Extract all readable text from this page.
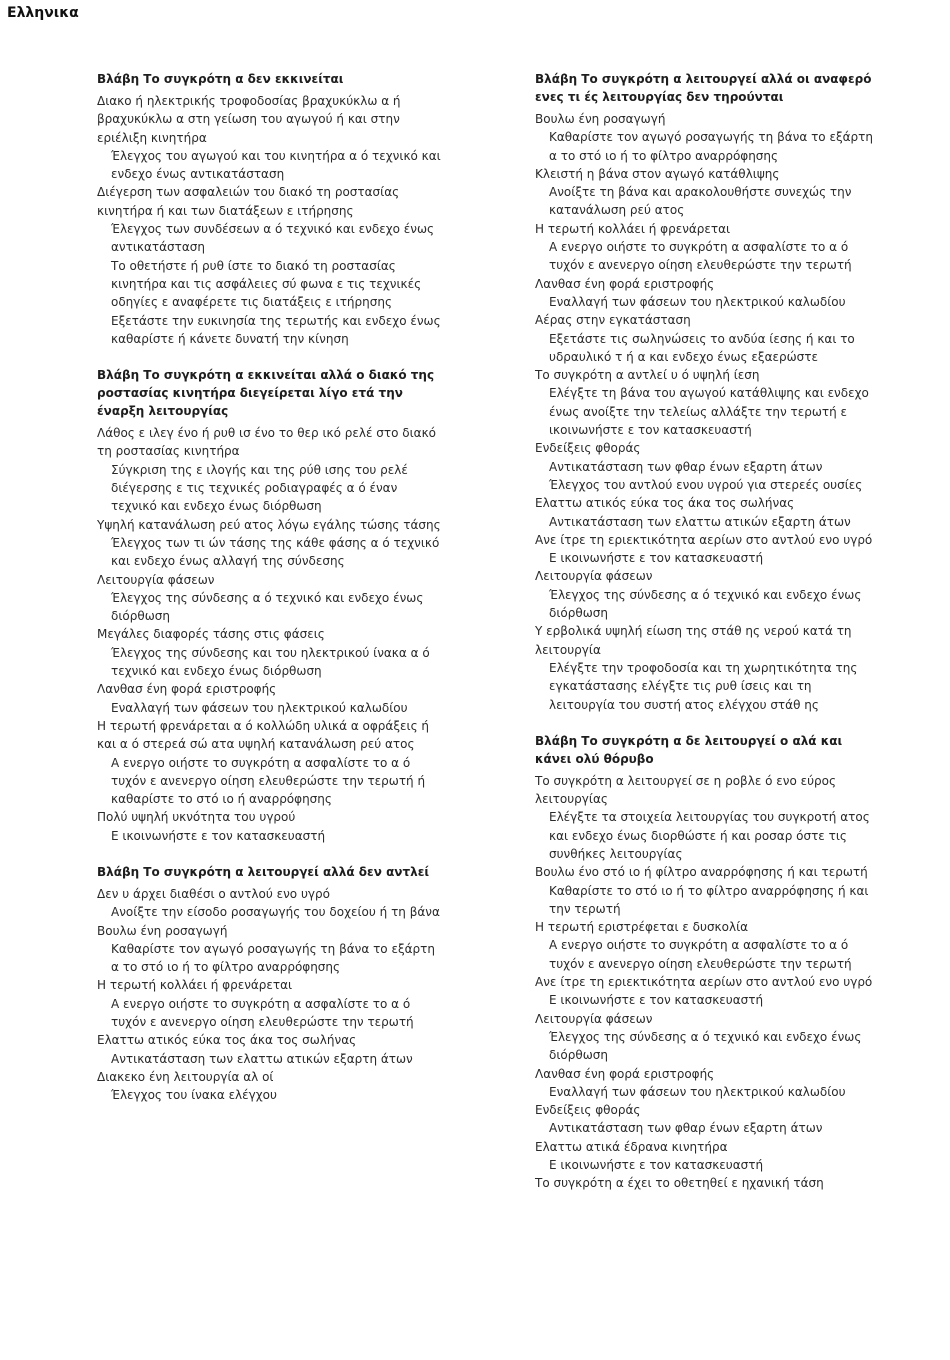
Ελληνικα
Βλάβη Το συγκρότη α δεν εκκινείται

Διακο ή ηλεκτρικής τροφοδοσίας βραχυκύκλω α ή βραχυκύκλω α στη γείωση του αγωγού ή και στην εριέλιξη κινητήρα

Έλεγχος του αγωγού και του κινητήρα α ό τεχνικό και ενδεχο ένως αντικατάσταση

Διέγερση των ασφαλειών του διακό τη ροστασίας κινητήρα ή και των διατάξεων ε ιτήρησης

Έλεγχος των συνδέσεων α ό τεχνικό και ενδεχο ένως αντικατάσταση

Το οθετήστε ή ρυθ ίστε το διακό τη ροστασίας κινητήρα και τις ασφάλειες σύ φωνα ε τις τεχνικές οδηγίες ε αναφέρετε τις διατάξεις ε ιτήρησης

Εξετάστε την ευκινησία της τερωτής και ενδεχο ένως καθαρίστε ή κάνετε δυνατή την κίνηση

Βλάβη Το συγκρότη α εκκινείται αλλά ο διακό της ροστασίας κινητήρα διεγείρεται λίγο ετά την έναρξη λειτουργίας

Λάθος ε ιλεγ ένο ή ρυθ ισ ένο το θερ ικό ρελέ στο διακό τη ροστασίας κινητήρα

Σύγκριση της ε ιλογής και της ρύθ ισης του ρελέ διέγερσης ε τις τεχνικές ροδιαγραφές α ό έναν τεχνικό και ενδεχο ένως διόρθωση

Υψηλή κατανάλωση ρεύ ατος λόγω εγάλης τώσης τάσης

Έλεγχος των τι ών τάσης της κάθε φάσης α ό τεχνικό και ενδεχο ένως αλλαγή της σύνδεσης

Λειτουργία φάσεων

Έλεγχος της σύνδεσης α ό τεχνικό και ενδεχο ένως διόρθωση

Μεγάλες διαφορές τάσης στις φάσεις

Έλεγχος της σύνδεσης και του ηλεκτρικού ίνακα α ό τεχνικό και ενδεχο ένως διόρθωση

Λανθασ ένη φορά εριστροφής

Εναλλαγή των φάσεων του ηλεκτρικού καλωδίου

Η τερωτή φρενάρεται α ό κολλώδη υλικά α οφράξεις ή και α ό στερεά σώ ατα υψηλή κατανάλωση ρεύ ατος

Α ενεργο οιήστε το συγκρότη α ασφαλίστε το α ό τυχόν ε ανενεργο οίηση ελευθερώστε την τερωτή ή καθαρίστε το στό ιο ή αναρρόφησης

Πολύ υψηλή υκνότητα του υγρού

Ε ικοινωνήστε ε τον κατασκευαστή

Βλάβη Το συγκρότη α λειτουργεί αλλά δεν αντλεί

Δεν υ άρχει διαθέσι ο αντλού ενο υγρό

Ανοίξτε την είσοδο ροσαγωγής του δοχείου ή τη βάνα

Βουλω ένη ροσαγωγή

Καθαρίστε τον αγωγό ροσαγωγής τη βάνα το εξάρτη α το στό ιο ή το φίλτρο αναρρόφησης

Η τερωτή κολλάει ή φρενάρεται

Α ενεργο οιήστε το συγκρότη α ασφαλίστε το α ό τυχόν ε ανενεργο οίηση ελευθερώστε την τερωτή

Ελαττω ατικός εύκα τος άκα τος σωλήνας

Αντικατάσταση των ελαττω ατικών εξαρτη άτων

Διακεκο ένη λειτουργία αλ οί

Έλεγχος του ίνακα ελέγχου

Βλάβη Το συγκρότη α λειτουργεί αλλά οι αναφερό ενες τι ές λειτουργίας δεν τηρούνται

Βουλω ένη ροσαγωγή

Καθαρίστε τον αγωγό ροσαγωγής τη βάνα το εξάρτη α το στό ιο ή το φίλτρο αναρρόφησης

Κλειστή η βάνα στον αγωγό κατάθλιψης

Ανοίξτε τη βάνα και αρακολουθήστε συνεχώς την κατανάλωση ρεύ ατος

Η τερωτή κολλάει ή φρενάρεται

Α ενεργο οιήστε το συγκρότη α ασφαλίστε το α ό τυχόν ε ανενεργο οίηση ελευθερώστε την τερωτή

Λανθασ ένη φορά εριστροφής

Εναλλαγή των φάσεων του ηλεκτρικού καλωδίου

Αέρας στην εγκατάσταση

Εξετάστε τις σωληνώσεις το ανδύα ίεσης ή και το υδραυλικό τ ή α και ενδεχο ένως εξαερώστε

Το συγκρότη α αντλεί υ ό υψηλή ίεση

Ελέγξτε τη βάνα του αγωγού κατάθλιψης και ενδεχο ένως ανοίξτε την τελείως αλλάξτε την τερωτή ε ικοινωνήστε ε τον κατασκευαστή

Ενδείξεις φθοράς

Αντικατάσταση των φθαρ ένων εξαρτη άτων

Έλεγχος του αντλού ενου υγρού για στερεές ουσίες

Ελαττω ατικός εύκα τος άκα τος σωλήνας

Αντικατάσταση των ελαττω ατικών εξαρτη άτων

Ανε ίτρε τη εριεκτικότητα αερίων στο αντλού ενο υγρό

Ε ικοινωνήστε ε τον κατασκευαστή

Λειτουργία φάσεων

Έλεγχος της σύνδεσης α ό τεχνικό και ενδεχο ένως διόρθωση

Υ ερβολικά υψηλή είωση της στάθ ης νερού κατά τη λειτουργία

Ελέγξτε την τροφοδοσία και τη χωρητικότητα της εγκατάστασης ελέγξτε τις ρυθ ίσεις και τη λειτουργία του συστή ατος ελέγχου στάθ ης

Βλάβη Το συγκρότη α δε λειτουργεί ο αλά και κάνει ολύ θόρυβο

Το συγκρότη α λειτουργεί σε η ροβλε ό ενο εύρος λειτουργίας

Ελέγξτε τα στοιχεία λειτουργίας του συγκροτή ατος και ενδεχο ένως διορθώστε ή και ροσαρ όστε τις συνθήκες λειτουργίας

Βουλω ένο στό ιο ή φίλτρο αναρρόφησης ή και τερωτή

Καθαρίστε το στό ιο ή το φίλτρο αναρρόφησης ή και την τερωτή

Η τερωτή εριστρέφεται ε δυσκολία

Α ενεργο οιήστε το συγκρότη α ασφαλίστε το α ό τυχόν ε ανενεργο οίηση ελευθερώστε την τερωτή

Ανε ίτρε τη εριεκτικότητα αερίων στο αντλού ενο υγρό

Ε ικοινωνήστε ε τον κατασκευαστή

Λειτουργία φάσεων

Έλεγχος της σύνδεσης α ό τεχνικό και ενδεχο ένως διόρθωση

Λανθασ ένη φορά εριστροφής

Εναλλαγή των φάσεων του ηλεκτρικού καλωδίου

Ενδείξεις φθοράς

Αντικατάσταση των φθαρ ένων εξαρτη άτων

Ελαττω ατικά έδρανα κινητήρα

Ε ικοινωνήστε ε τον κατασκευαστή

Το συγκρότη α έχει το οθετηθεί ε ηχανική τάση
